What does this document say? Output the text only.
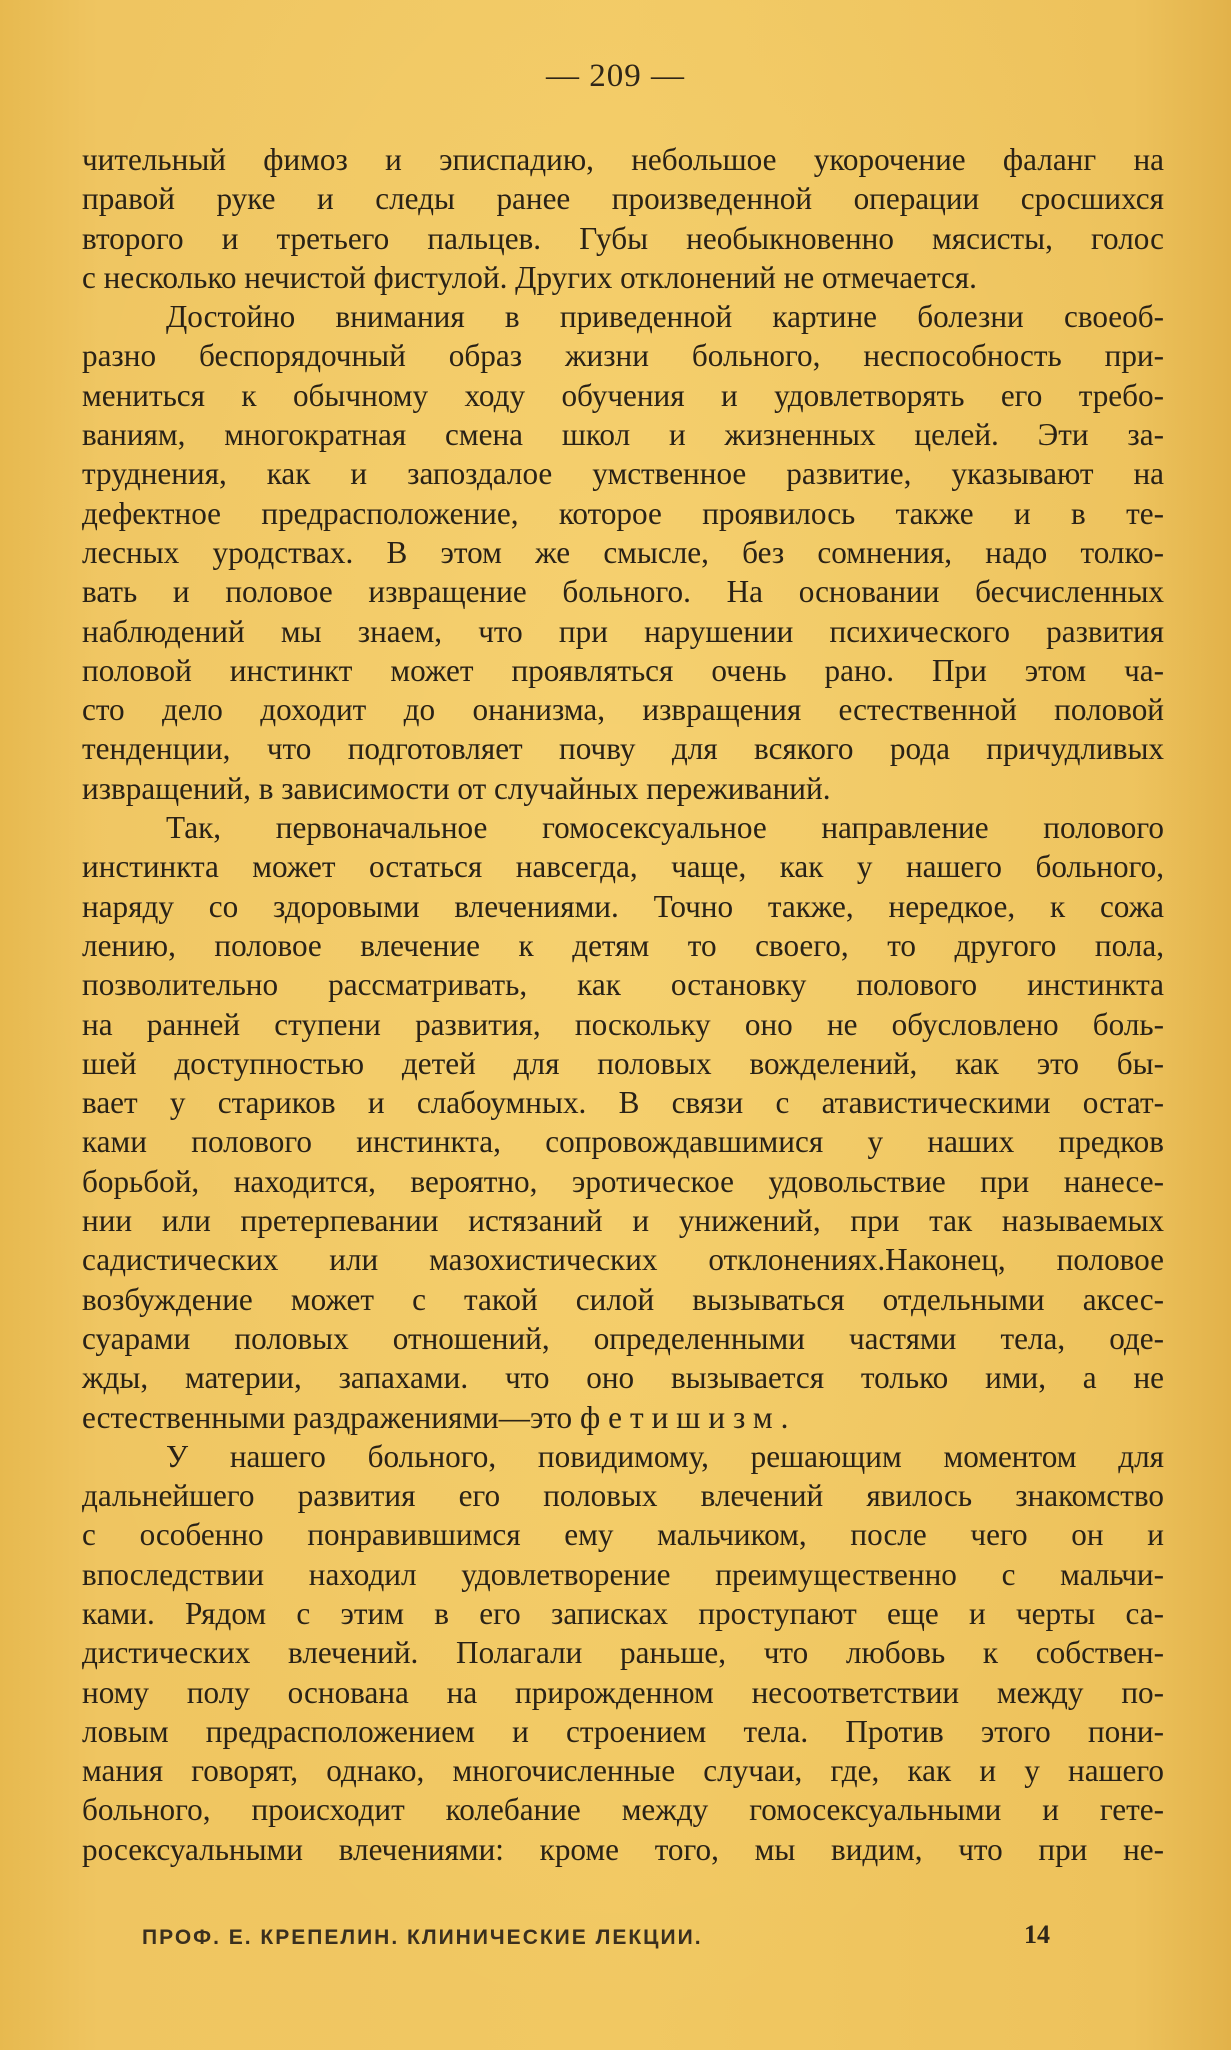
— 209 —
чительный фимоз и эписпадию, небольшое укорочение фаланг на
правой руке и следы ранее произведенной операции сросшихся
второго и третьего пальцев. Губы необыкновенно мясисты, голос
с несколько нечистой фистулой. Других отклонений не отмечается.
Достойно внимания в приведенной картине болезни своеоб-
разно беспорядочный образ жизни больного, неспособность при-
мениться к обычному ходу обучения и удовлетворять его требо-
ваниям, многократная смена школ и жизненных целей. Эти за-
труднения, как и запоздалое умственное развитие, указывают на
дефектное предрасположение, которое проявилось также и в те-
лесных уродствах. В этом же смысле, без сомнения, надо толко-
вать и половое извращение больного. На основании бесчисленных
наблюдений мы знаем, что при нарушении психического развития
половой инстинкт может проявляться очень рано. При этом ча-
сто дело доходит до онанизма, извращения естественной половой
тенденции, что подготовляет почву для всякого рода причудливых
извращений, в зависимости от случайных переживаний.
Так, первоначальное гомосексуальное направление полового
инстинкта может остаться навсегда, чаще, как у нашего больного,
наряду со здоровыми влечениями. Точно также, нередкое, к сожа
лению, половое влечение к детям то своего, то другого пола,
позволительно рассматривать, как остановку полового инстинкта
на ранней ступени развития, поскольку оно не обусловлено боль-
шей доступностью детей для половых вожделений, как это бы-
вает у стариков и слабоумных. В связи с атавистическими остат-
ками полового инстинкта, сопровождавшимися у наших предков
борьбой, находится, вероятно, эротическое удовольствие при нанесе-
нии или претерпевании истязаний и унижений, при так называемых
садистических или мазохистических отклонениях.Наконец, половое
возбуждение может с такой силой вызываться отдельными аксес-
суарами половых отношений, определенными частями тела, оде-
жды, материи, запахами. что оно вызывается только ими, а не
естественными раздражениями—это фетишизм.
У нашего больного, повидимому, решающим моментом для
дальнейшего развития его половых влечений явилось знакомство
с особенно понравившимся ему мальчиком, после чего он и
впоследствии находил удовлетворение преимущественно с мальчи-
ками. Рядом с этим в его записках проступают еще и черты са-
дистических влечений. Полагали раньше, что любовь к собствен-
ному полу основана на прирожденном несоответствии между по-
ловым предрасположением и строением тела. Против этого пони-
мания говорят, однако, многочисленные случаи, где, как и у нашего
больного, происходит колебание между гомосексуальными и гете-
росексуальными влечениями: кроме того, мы видим, что при не-
ПРОФ. Е. КРЕПЕЛИН. КЛИНИЧЕСКИЕ ЛЕКЦИИ.	14
